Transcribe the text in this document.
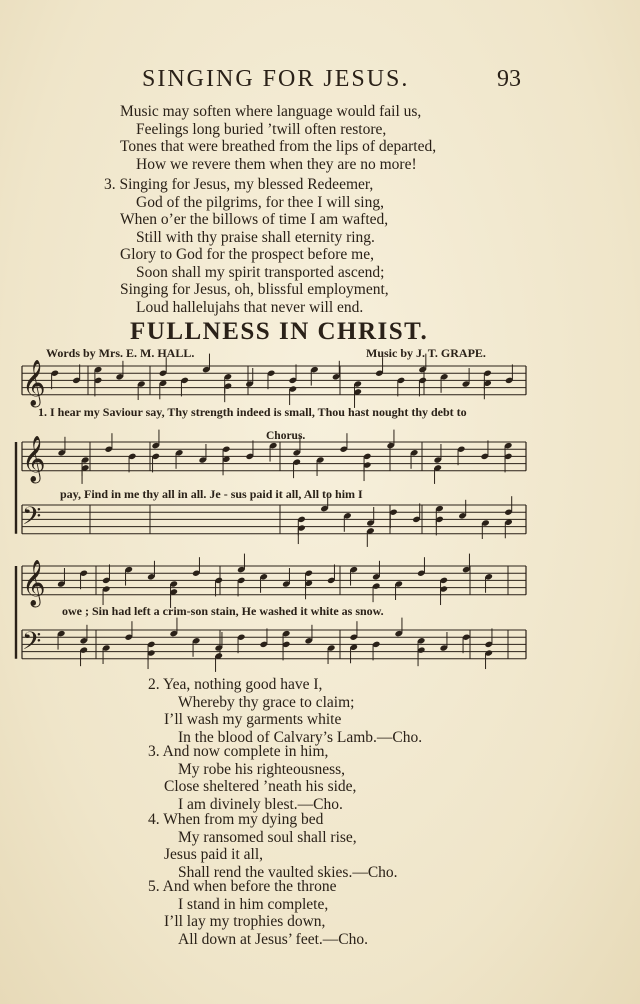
SINGING FOR JESUS.	93
Music may soften where language would fail us,
Feelings long buried ’twill often restore,
Tones that were breathed from the lips of departed,
How we revere them when they are no more!
3. Singing for Jesus, my blessed Redeemer,
God of the pilgrims, for thee I will sing,
When o’er the billows of time I am wafted,
Still with thy praise shall eternity ring.
Glory to God for the prospect before me,
Soon shall my spirit transported ascend;
Singing for Jesus, oh, blissful employment,
Loud hallelujahs that never will end.
FULLNESS IN CHRIST.
Words by Mrs. E. M. HALL.	Music by J. T. GRAPE.
𝄞
𝄞
𝄢
𝄞
𝄢
Chorus.
1. I hear my Saviour say, Thy strength indeed is small, Thou hast nought thy debt to
pay, Find in me thy all in all. Je - sus paid it all, All to him I
owe ; Sin had left a crim-son stain, He washed it white as snow.
2. Yea, nothing good have I,
Whereby thy grace to claim;
I’ll wash my garments white
In the blood of Calvary’s Lamb.—Cho.
3. And now complete in him,
My robe his righteousness,
Close sheltered ’neath his side,
I am divinely blest.—Cho.
4. When from my dying bed
My ransomed soul shall rise,
Jesus paid it all,
Shall rend the vaulted skies.—Cho.
5. And when before the throne
I stand in him complete,
I’ll lay my trophies down,
All down at Jesus’ feet.—Cho.
